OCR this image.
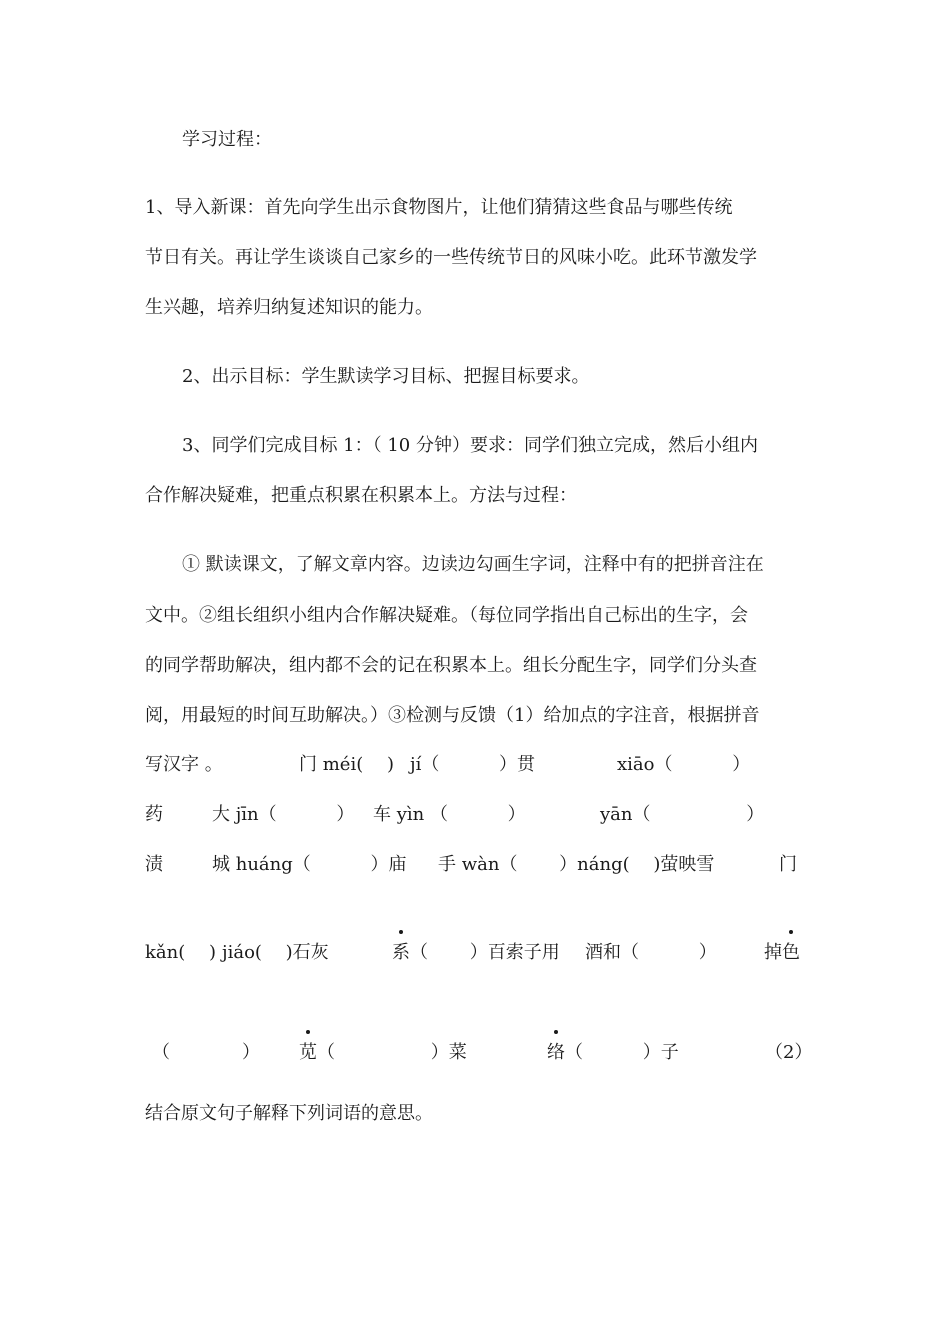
学习过程：
1、导入新课：首先向学生出示食物图片，让他们猜猜这些食品与哪些传统
节日有关。再让学生谈谈自己家乡的一些传统节日的风味小吃。此环节激发学
生兴趣，培养归纳复述知识的能力。
2、出示目标：学生默读学习目标、把握目标要求。
3、同学们完成目标 1：（ 10 分钟）要求：同学们独立完成，然后小组内
合作解决疑难，把重点积累在积累本上。方法与过程：
① 默读课文，了解文章内容。边读边勾画生字词，注释中有的把拼音注在
文中。②组长组织小组内合作解决疑难。（每位同学指出自己标出的生字，会
的同学帮助解决，组内都不会的记在积累本上。组长分配生字，同学们分头查
阅，用最短的时间互助解决。）③检测与反馈（1）给加点的字注音，根据拼音
写汉字 。	门 méi(　 ) jí（　　　 ）贯	xiāo（　　　 ）
药	大 jīn（　　　 ） 车 yìn （　　　 ）	yān（　　　　　 ）
渍	城 huáng（　　　 ）庙 手 wàn（　　 ）náng(　 )萤映雪	门
kǎn(　 ) jiáo(　 )石灰	系 （　　 ）百索子用 酒 和（　　　 ）	掉 色
（　　　　） 苋 （　　　　　 ）菜	络 （　　　 ）子	（2）
结合原文句子解释下列词语的意思。
